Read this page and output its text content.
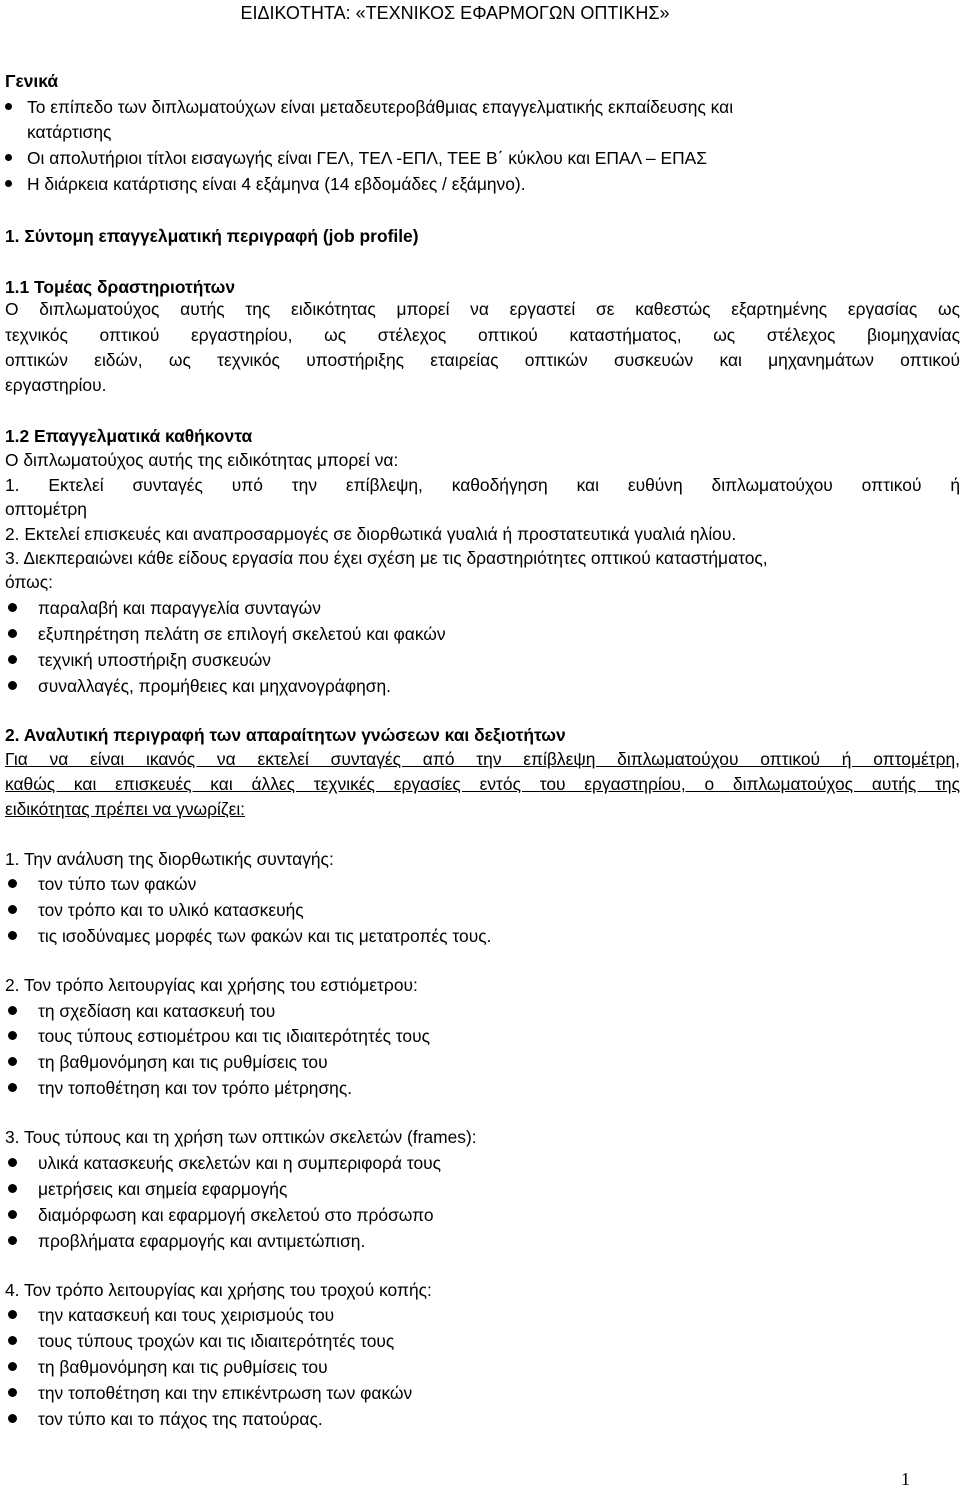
ΕΙΔΙΚΟΤΗΤΑ: «ΤΕΧΝΙΚΟΣ ΕΦΑΡΜΟΓΩΝ ΟΠΤΙΚΗΣ»
Γενικά
Το επίπεδο των διπλωματούχων είναι μεταδευτεροβάθμιας επαγγελματικής εκπαίδευσης και
κατάρτισης
Οι απολυτήριοι τίτλοι εισαγωγής είναι ΓΕΛ, ΤΕΛ -ΕΠΛ, ΤΕΕ Β΄ κύκλου και ΕΠΑΛ – ΕΠΑΣ
Η διάρκεια κατάρτισης είναι 4 εξάμηνα (14 εβδομάδες / εξάμηνο).
1. Σύντομη επαγγελματική περιγραφή (job profile)
1.1 Τομέας δραστηριοτήτων
Ο διπλωματούχος αυτής της ειδικότητας μπορεί να εργαστεί σε καθεστώς εξαρτημένης εργασίας ως
τεχνικός οπτικού εργαστηρίου, ως στέλεχος οπτικού καταστήματος, ως στέλεχος βιομηχανίας
οπτικών ειδών, ως τεχνικός υποστήριξης εταιρείας οπτικών συσκευών και μηχανημάτων οπτικού
εργαστηρίου.
1.2 Επαγγελματικά καθήκοντα
Ο διπλωματούχος αυτής της ειδικότητας μπορεί να:
1. Εκτελεί συνταγές υπό την επίβλεψη, καθοδήγηση και ευθύνη διπλωματούχου οπτικού ή
οπτομέτρη
2. Εκτελεί επισκευές και αναπροσαρμογές σε διορθωτικά γυαλιά ή προστατευτικά γυαλιά ηλίου.
3. Διεκπεραιώνει κάθε είδους εργασία που έχει σχέση με τις δραστηριότητες οπτικού καταστήματος,
όπως:
παραλαβή και παραγγελία συνταγών
εξυπηρέτηση πελάτη σε επιλογή σκελετού και φακών
τεχνική υποστήριξη συσκευών
συναλλαγές, προμήθειες και μηχανογράφηση.
2. Αναλυτική περιγραφή των απαραίτητων γνώσεων και δεξιοτήτων
Για να είναι ικανός να εκτελεί συνταγές από την επίβλεψη διπλωματούχου οπτικού ή οπτομέτρη,
καθώς και επισκευές και άλλες τεχνικές εργασίες εντός του εργαστηρίου, ο διπλωματούχος αυτής της
ειδικότητας πρέπει να γνωρίζει:
1. Την ανάλυση της διορθωτικής συνταγής:
τον τύπο των φακών
τον τρόπο και το υλικό κατασκευής
τις ισοδύναμες μορφές των φακών και τις μετατροπές τους.
2. Τον τρόπο λειτουργίας και χρήσης του εστιόμετρου:
τη σχεδίαση και κατασκευή του
τους τύπους εστιομέτρου και τις ιδιαιτερότητές τους
τη βαθμονόμηση και τις ρυθμίσεις του
την τοποθέτηση και τον τρόπο μέτρησης.
3. Τους τύπους και τη χρήση των οπτικών σκελετών (frames):
υλικά κατασκευής σκελετών και η συμπεριφορά τους
μετρήσεις και σημεία εφαρμογής
διαμόρφωση και εφαρμογή σκελετού στο πρόσωπο
προβλήματα εφαρμογής και αντιμετώπιση.
4. Τον τρόπο λειτουργίας και χρήσης του τροχού κοπής:
την κατασκευή και τους χειρισμούς του
τους τύπους τροχών και τις ιδιαιτερότητές τους
τη βαθμονόμηση και τις ρυθμίσεις του
την τοποθέτηση και την επικέντρωση των φακών
τον τύπο και το πάχος της πατούρας.
1
